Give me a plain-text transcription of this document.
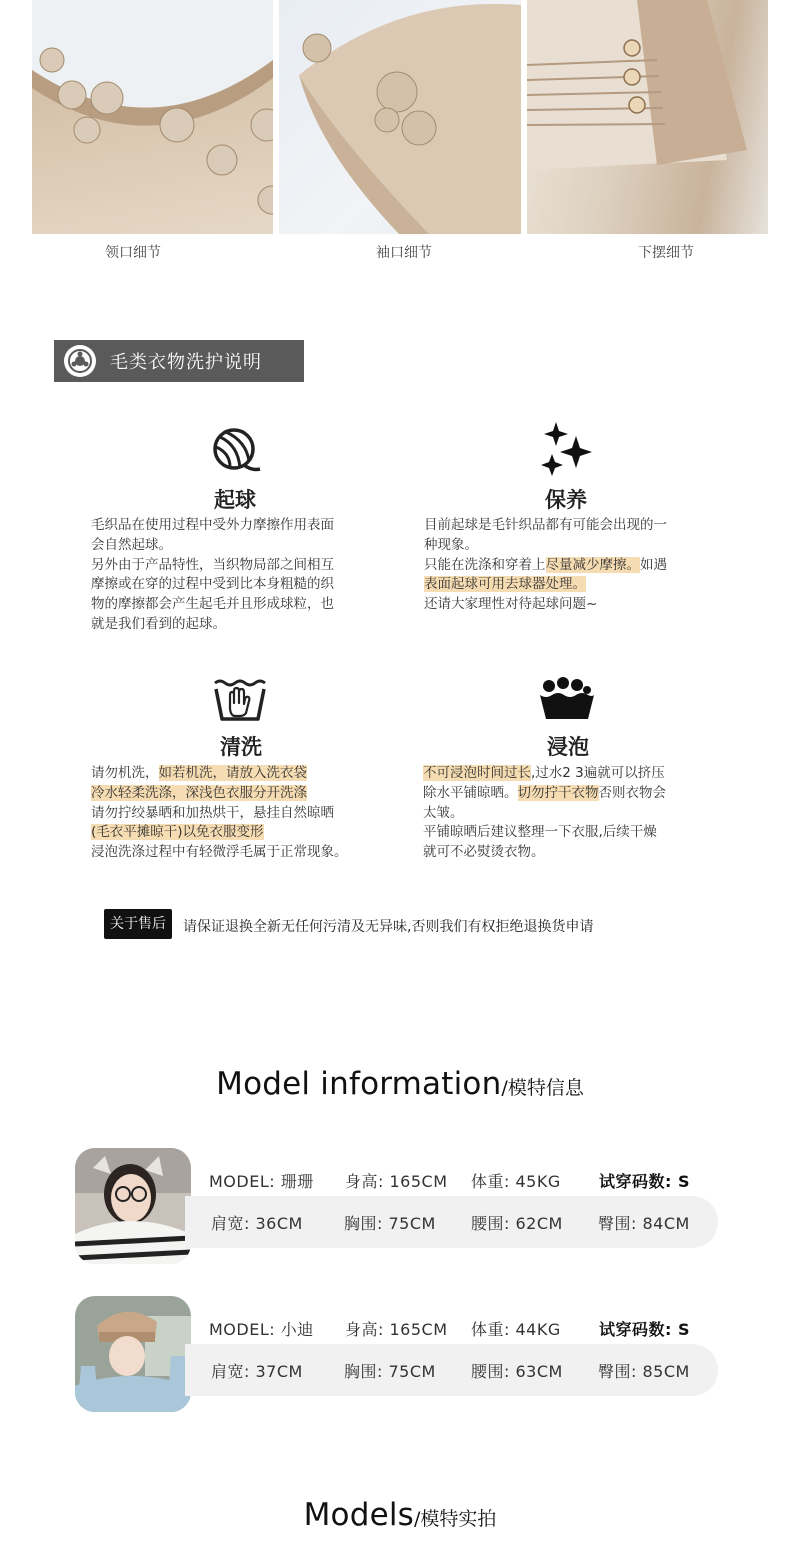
领口细节	袖口细节	下摆细节
毛类衣物洗护说明
起球

毛织品在使用过程中受外力摩擦作用表面

会自然起球。

另外由于产品特性，当织物局部之间相互

摩擦或在穿的过程中受到比本身粗糙的织

物的摩擦都会产生起毛并且形成球粒，也

就是我们看到的起球。

保养

目前起球是毛针织品都有可能会出现的一

种现象。

只能在洗涤和穿着上尽量减少摩擦。如遇

表面起球可用去球器处理。

还请大家理性对待起球问题~

清洗

请勿机洗，如若机洗，请放入洗衣袋

冷水轻柔洗涤，深浅色衣服分开洗涤

请勿拧绞暴晒和加热烘干，悬挂自然晾晒

(毛衣平摊晾干)以免衣服变形

浸泡洗涤过程中有轻微浮毛属于正常现象。

浸泡

不可浸泡时间过长,过水2 3遍就可以挤压

除水平铺晾晒。切勿拧干衣物否则衣物会

太皱。

平铺晾晒后建议整理一下衣服,后续干燥

就可不必熨烫衣物。

关于售后	请保证退换全新无任何污清及无异味,否则我们有权拒绝退换货申请
Model information/模特信息
MODEL: 珊珊 身高: 165CM 体重: 45KG 试穿码数: S
肩宽: 36CM	胸围: 75CM 腰围: 62CM 臀围: 84CM
MODEL: 小迪 身高: 165CM 体重: 44KG 试穿码数: S
肩宽: 37CM	胸围: 75CM 腰围: 63CM 臀围: 85CM
Models/模特实拍
